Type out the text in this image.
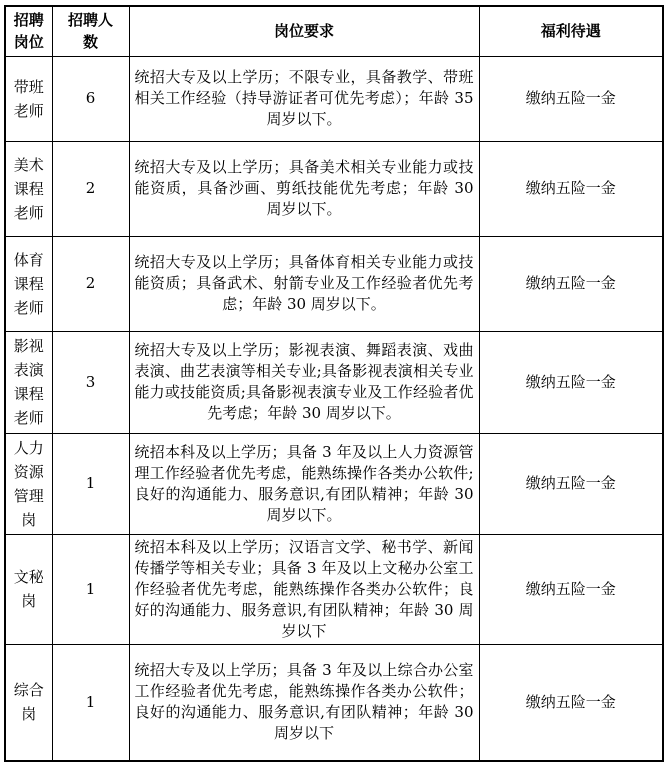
招聘岗位	招聘人数	岗位要求	福利待遇
带班老师	6	统招大专及以上学历；不限专业，具备教学、带班相关工作经验（持导游证者可优先考虑）；年龄 35 周岁以下。	缴纳五险一金
美术课程老师	2	统招大专及以上学历；具备美术相关专业能力或技能资质，具备沙画、剪纸技能优先考虑；年龄 30 周岁以下。	缴纳五险一金
体育课程老师	2	统招大专及以上学历；具备体育相关专业能力或技能资质；具备武术、射箭专业及工作经验者优先考虑；年龄 30 周岁以下。	缴纳五险一金
影视表演课程老师	3	统招大专及以上学历；影视表演、舞蹈表演、戏曲表演、曲艺表演等相关专业;具备影视表演相关专业能力或技能资质;具备影视表演专业及工作经验者优先考虑；年龄 30 周岁以下。	缴纳五险一金
人力资源管理岗	1	统招本科及以上学历；具备 3 年及以上人力资源管理工作经验者优先考虑，能熟练操作各类办公软件;良好的沟通能力、服务意识,有团队精神；年龄 30 周岁以下。	缴纳五险一金
文秘岗	1	统招本科及以上学历；汉语言文学、秘书学、新闻传播学等相关专业；具备 3 年及以上文秘办公室工作经验者优先考虑，能熟练操作各类办公软件；良好的沟通能力、服务意识,有团队精神；年龄 30 周岁以下	缴纳五险一金
综合岗	1	统招大专及以上学历；具备 3 年及以上综合办公室工作经验者优先考虑，能熟练操作各类办公软件；良好的沟通能力、服务意识,有团队精神；年龄 30 周岁以下	缴纳五险一金
